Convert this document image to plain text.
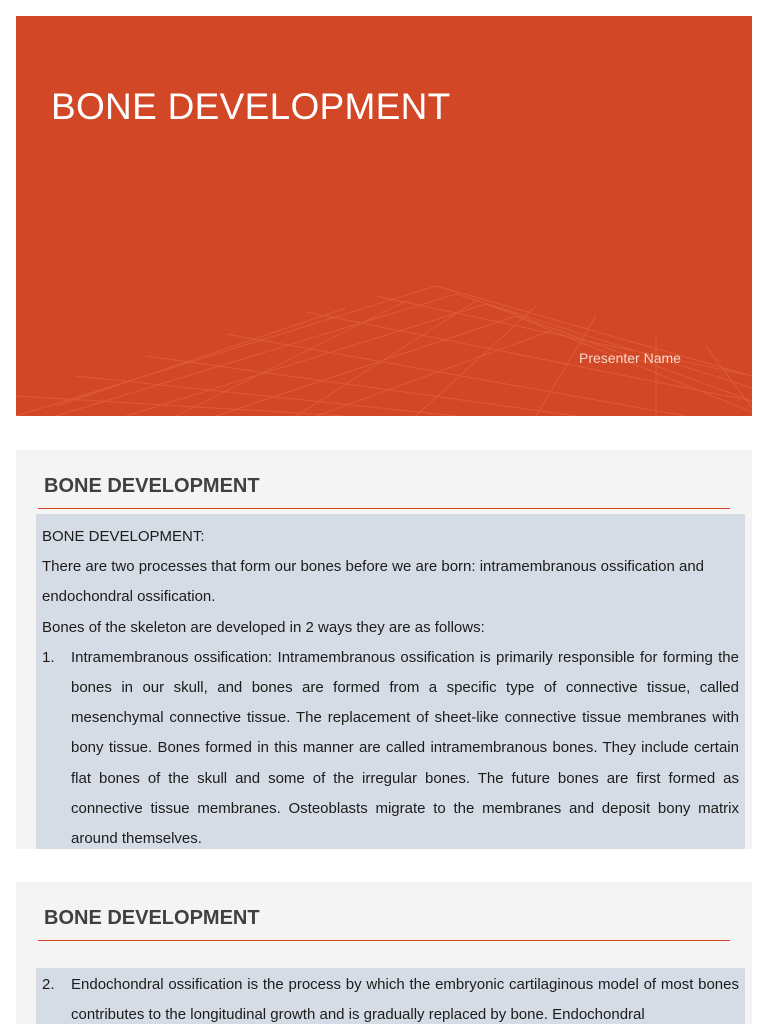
BONE DEVELOPMENT
Presenter Name
BONE DEVELOPMENT

BONE DEVELOPMENT:

There are two processes that form our bones before we are born: intramembranous ossification and endochondral ossification.

Bones of the skeleton are developed in 2 ways they are as follows:

1.	Intramembranous ossification: Intramembranous ossification is primarily responsible for forming the bones in our skull, and bones are formed from a specific type of connective tissue, called mesenchymal connective tissue. The replacement of sheet-like connective tissue membranes with bony tissue. Bones formed in this manner are called intramembranous bones. They include certain flat bones of the skull and some of the irregular bones. The future bones are first formed as connective tissue membranes. Osteoblasts migrate to the membranes and deposit bony matrix around themselves.
BONE DEVELOPMENT
2.	Endochondral ossification is the process by which the embryonic cartilaginous model of most bones contributes to the longitudinal growth and is gradually replaced by bone. Endochondral
